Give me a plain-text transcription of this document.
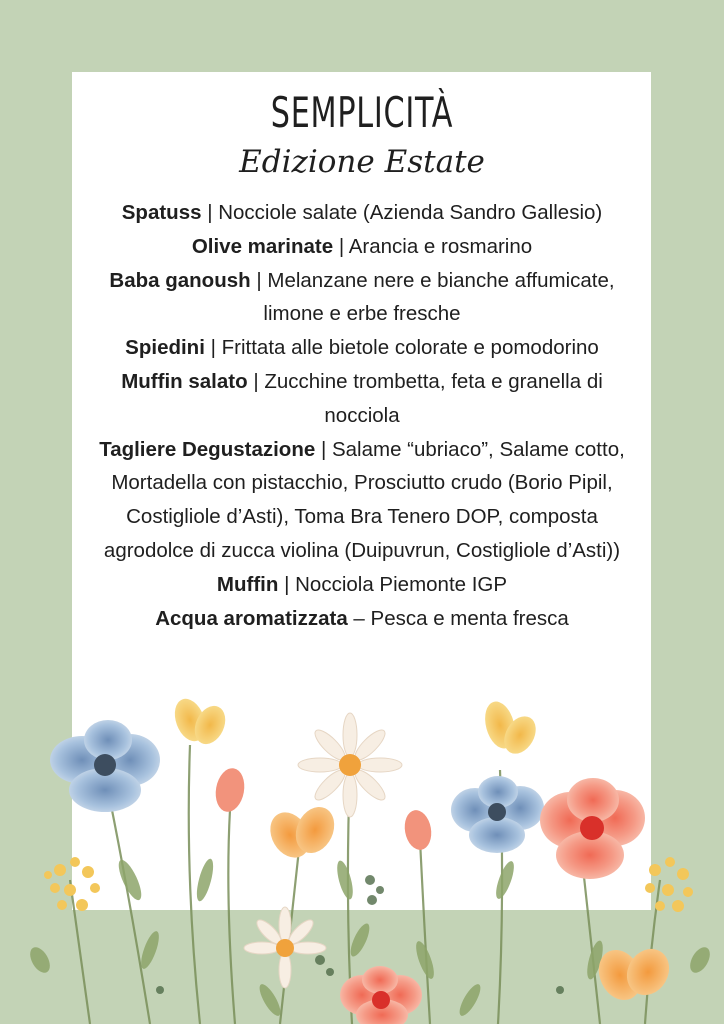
SEMPLICITÀ
Edizione Estate

Spatuss | Nocciole salate (Azienda Sandro Gallesio)

Olive marinate | Arancia e rosmarino

Baba ganoush | Melanzane nere e bianche affumicate, limone e erbe fresche

Spiedini | Frittata alle bietole colorate e pomodorino

Muffin salato | Zucchine trombetta, feta e granella di nocciola

Tagliere Degustazione | Salame “ubriaco”, Salame cotto, Mortadella con pistacchio, Prosciutto crudo (Borio Pipil, Costigliole d’Asti), Toma Bra Tenero DOP, composta agrodolce di zucca violina (Duipuvrun, Costigliole d’Asti))

Muffin | Nocciola Piemonte IGP

Acqua aromatizzata – Pesca e menta fresca
